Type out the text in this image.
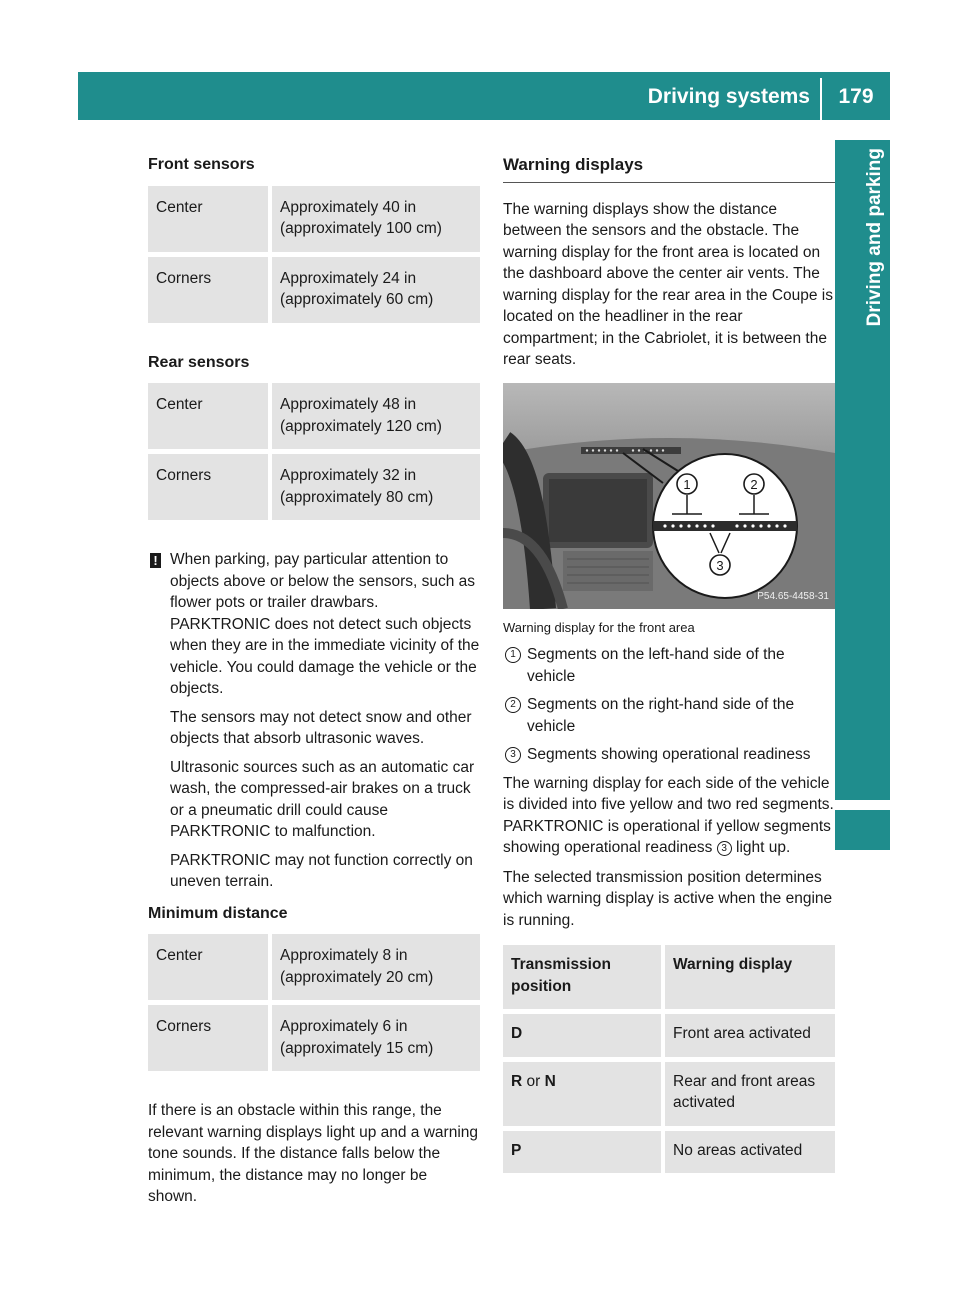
Driving systems	179
Driving and parking
Front sensors
Center	Approximately 40 in
(approximately 100 cm)
Corners	Approximately 24 in
(approximately 60 cm)
Rear sensors
Center	Approximately 48 in
(approximately 120 cm)
Corners	Approximately 32 in
(approximately 80 cm)
! When parking, pay particular attention to objects above or below the sensors, such as flower pots or trailer drawbars. PARKTRONIC does not detect such objects when they are in the immediate vicinity of the vehicle. You could damage the vehicle or the objects.

The sensors may not detect snow and other objects that absorb ultrasonic waves.

Ultrasonic sources such as an automatic car wash, the compressed-air brakes on a truck or a pneumatic drill could cause PARKTRONIC to malfunction.

PARKTRONIC may not function correctly on uneven terrain.

Minimum distance
Center	Approximately 8 in
(approximately 20 cm)
Corners	Approximately 6 in
(approximately 15 cm)

If there is an obstacle within this range, the relevant warning displays light up and a warning tone sounds. If the distance falls below the minimum, the distance may no longer be shown.

Warning displays

The warning displays show the distance between the sensors and the obstacle. The warning display for the front area is located on the dashboard above the center air vents. The warning display for the rear area in the Coupe is located on the headliner in the rear compartment; in the Cabriolet, it is between the rear seats.

1	2
3
P54.65-4458-31
Warning display for the front area
1 Segments on the left-hand side of the vehicle
2 Segments on the right-hand side of the vehicle
3 Segments showing operational readiness

The warning display for each side of the vehicle is divided into five yellow and two red segments. PARKTRONIC is operational if yellow segments showing operational readiness 3 light up.

The selected transmission position determines which warning display is active when the engine is running.

Transmission position	Warning display
D	Front area activated
R or N	Rear and front areas activated
P	No areas activated
